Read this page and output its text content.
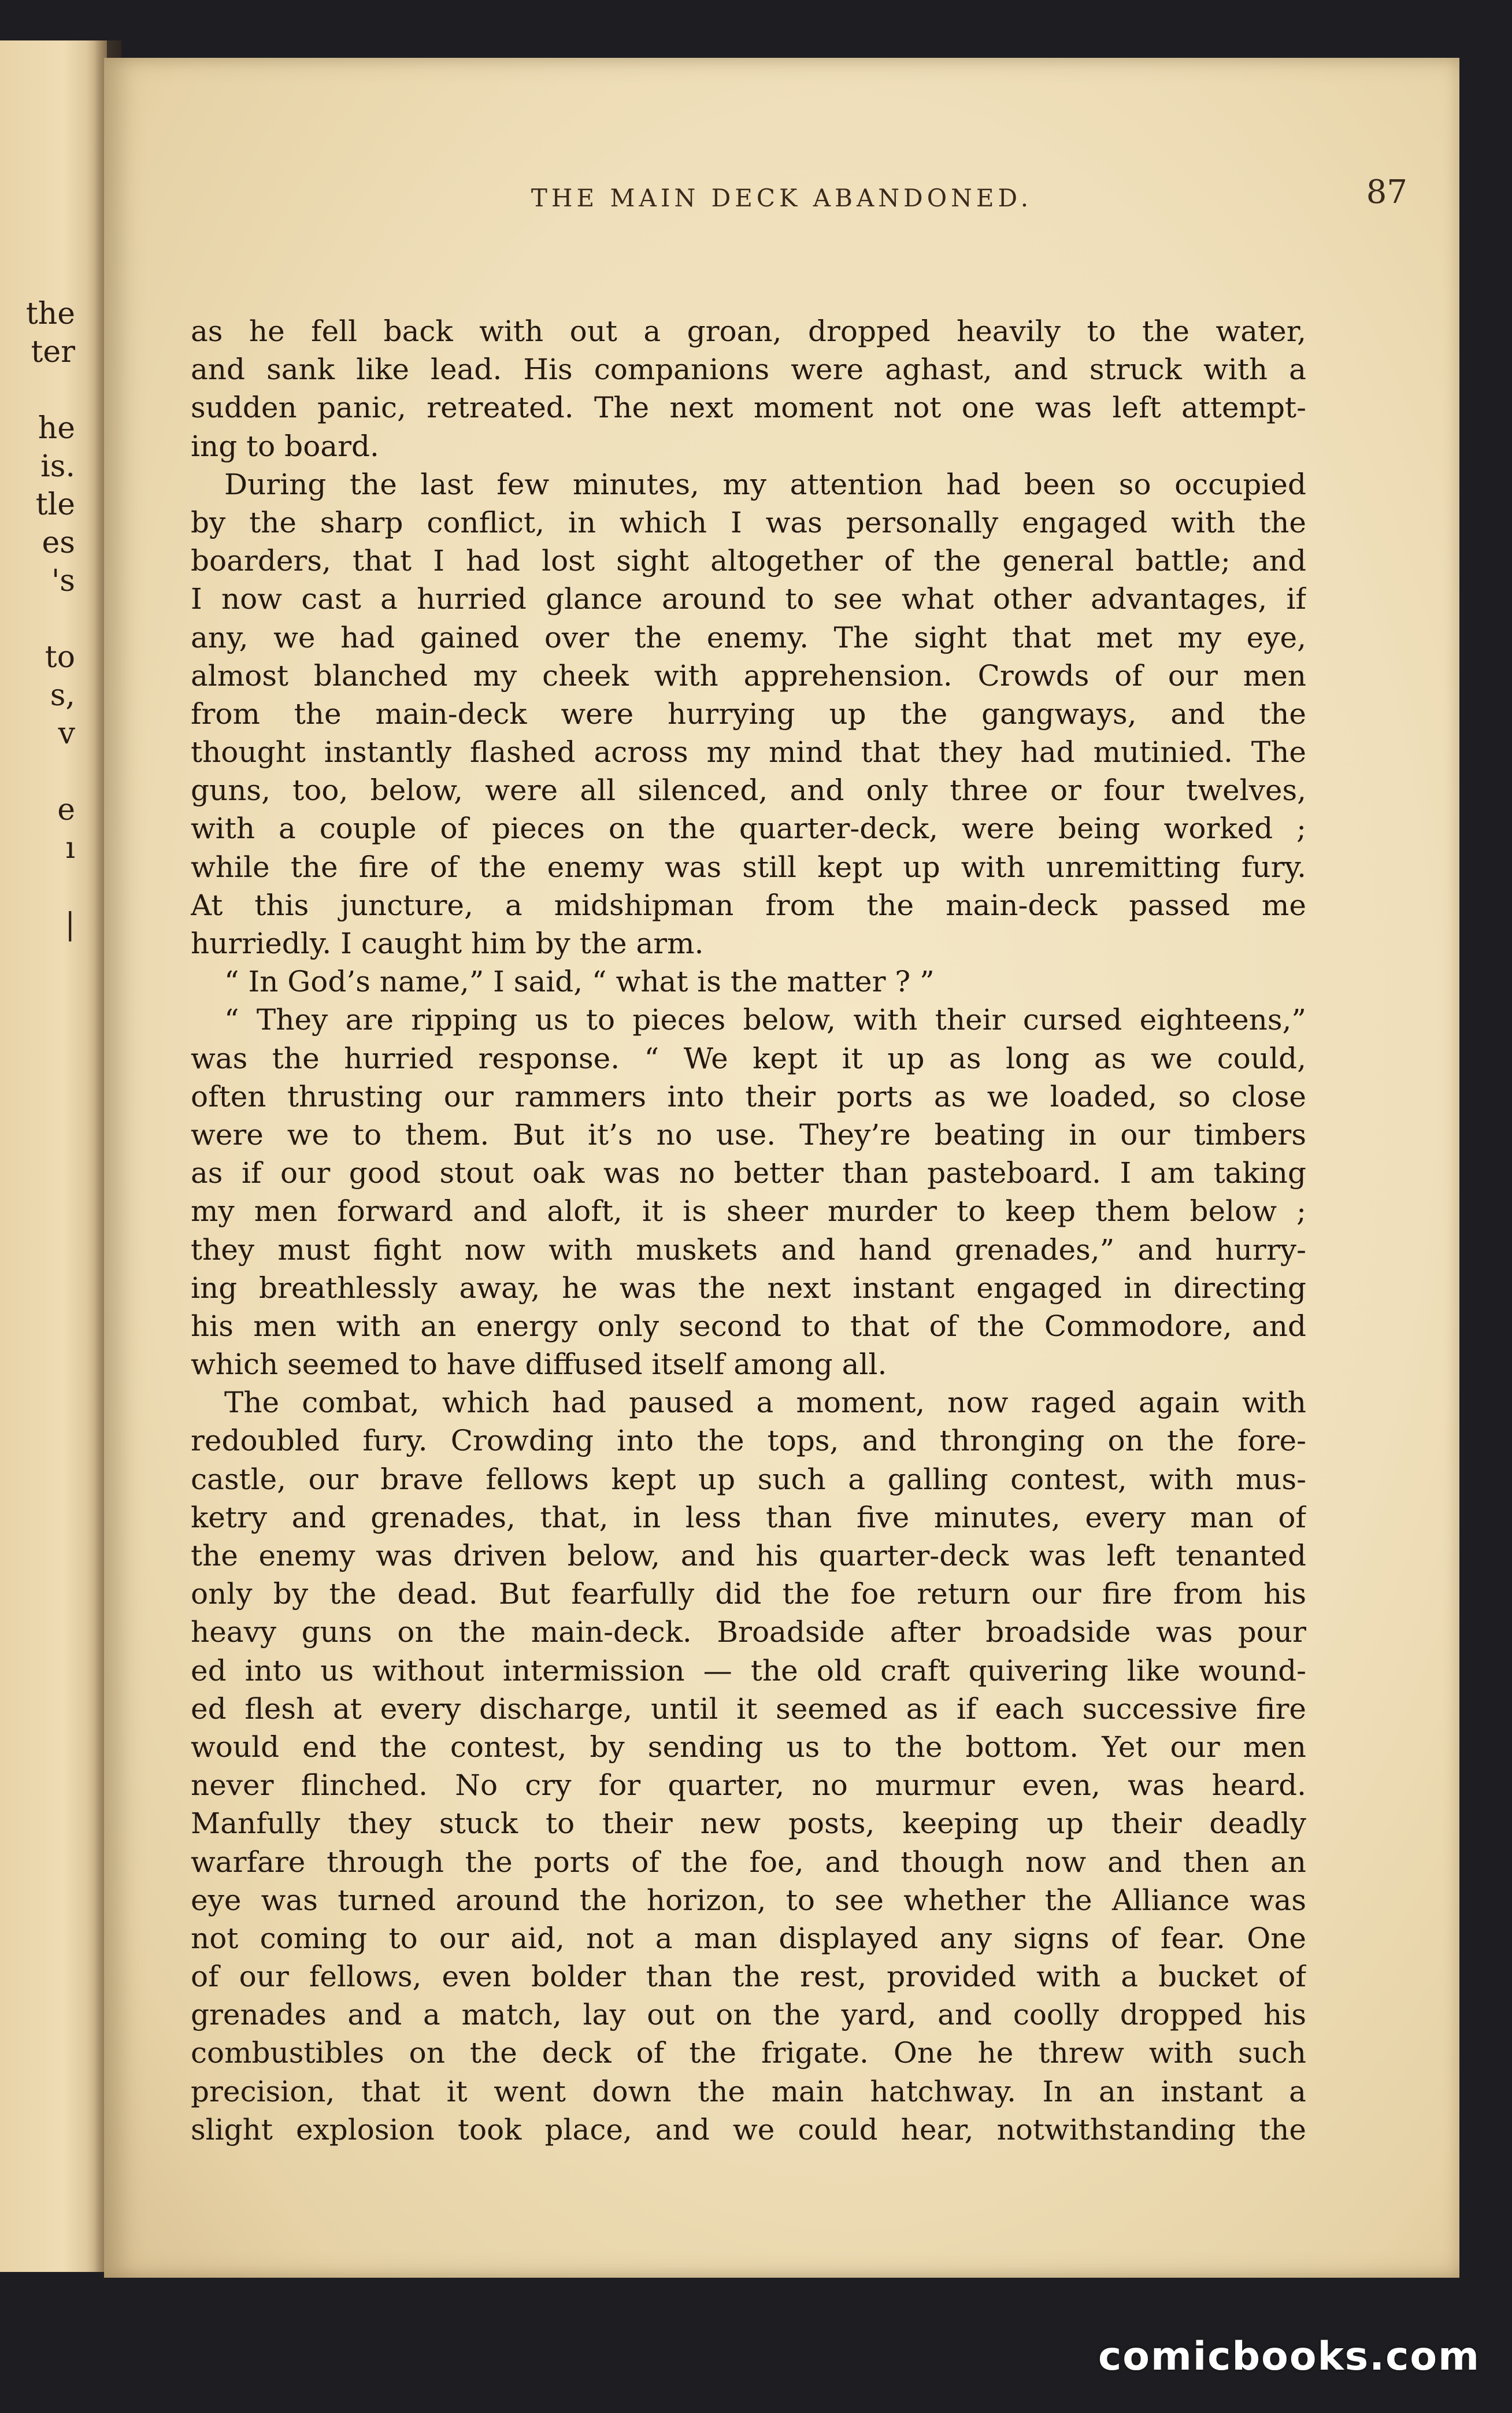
the
ter

he
is.
tle
es
's

to
s,
v

e
ı

|
THE MAIN DECK ABANDONED.	87
as he fell back with out a groan, dropped heavily to the water,
and sank like lead. His companions were aghast, and struck with a
sudden panic, retreated. The next moment not one was left attempt-
ing to board.
During the last few minutes, my attention had been so occupied
by the sharp conflict, in which I was personally engaged with the
boarders, that I had lost sight altogether of the general battle; and
I now cast a hurried glance around to see what other advantages, if
any, we had gained over the enemy. The sight that met my eye,
almost blanched my cheek with apprehension. Crowds of our men
from the main-deck were hurrying up the gangways, and the
thought instantly flashed across my mind that they had mutinied. The
guns, too, below, were all silenced, and only three or four twelves,
with a couple of pieces on the quarter-deck, were being worked ;
while the fire of the enemy was still kept up with unremitting fury.
At this juncture, a midshipman from the main-deck passed me
hurriedly. I caught him by the arm.
“ In God’s name,” I said, “ what is the matter ? ”
“ They are ripping us to pieces below, with their cursed eighteens,”
was the hurried response. “ We kept it up as long as we could,
often thrusting our rammers into their ports as we loaded, so close
were we to them. But it’s no use. They’re beating in our timbers
as if our good stout oak was no better than pasteboard. I am taking
my men forward and aloft, it is sheer murder to keep them below ;
they must fight now with muskets and hand grenades,” and hurry-
ing breathlessly away, he was the next instant engaged in directing
his men with an energy only second to that of the Commodore, and
which seemed to have diffused itself among all.
The combat, which had paused a moment, now raged again with
redoubled fury. Crowding into the tops, and thronging on the fore-
castle, our brave fellows kept up such a galling contest, with mus-
ketry and grenades, that, in less than five minutes, every man of
the enemy was driven below, and his quarter-deck was left tenanted
only by the dead. But fearfully did the foe return our fire from his
heavy guns on the main-deck. Broadside after broadside was pour
ed into us without intermission — the old craft quivering like wound-
ed flesh at every discharge, until it seemed as if each successive fire
would end the contest, by sending us to the bottom. Yet our men
never flinched. No cry for quarter, no murmur even, was heard.
Manfully they stuck to their new posts, keeping up their deadly
warfare through the ports of the foe, and though now and then an
eye was turned around the horizon, to see whether the Alliance was
not coming to our aid, not a man displayed any signs of fear. One
of our fellows, even bolder than the rest, provided with a bucket of
grenades and a match, lay out on the yard, and coolly dropped his
combustibles on the deck of the frigate. One he threw with such
precision, that it went down the main hatchway. In an instant a
slight explosion took place, and we could hear, notwithstanding the
comicbooks.com
